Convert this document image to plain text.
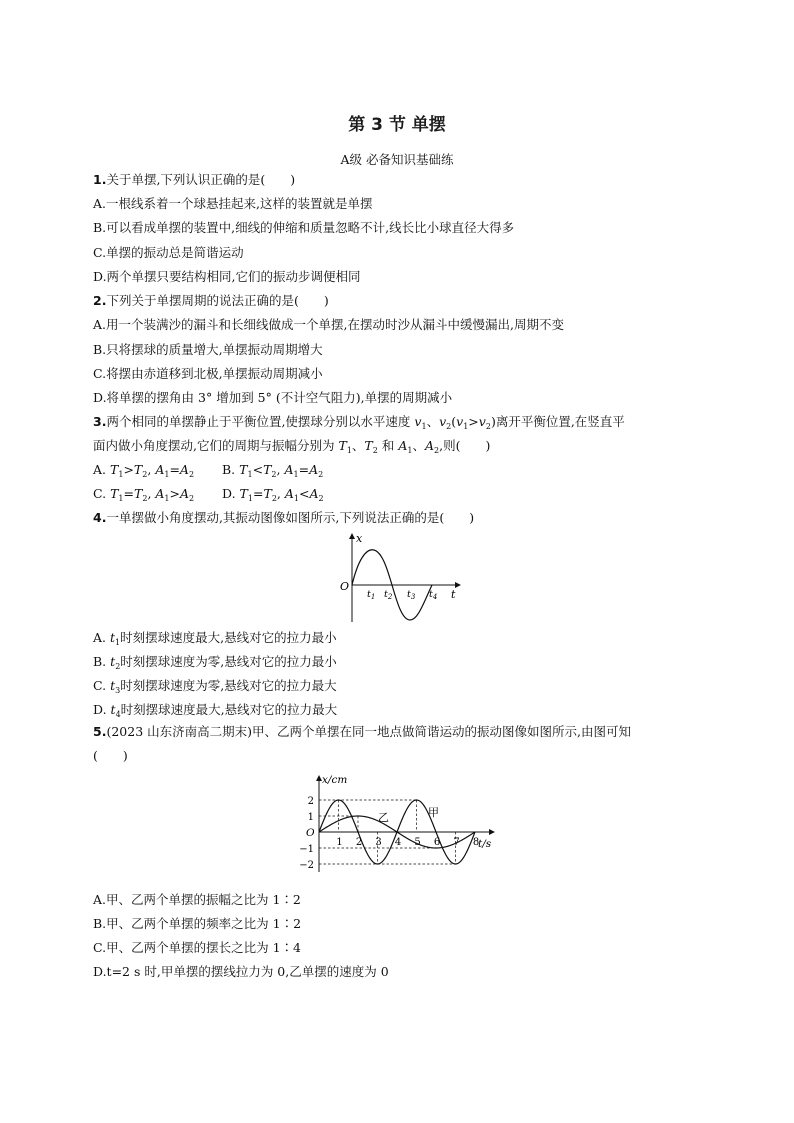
第 3 节 单摆
A级 必备知识基础练
1.关于单摆,下列认识正确的是(　　)
A.一根线系着一个球悬挂起来,这样的装置就是单摆
B.可以看成单摆的装置中,细线的伸缩和质量忽略不计,线长比小球直径大得多
C.单摆的振动总是简谐运动
D.两个单摆只要结构相同,它们的振动步调便相同
2.下列关于单摆周期的说法正确的是(　　)
A.用一个装满沙的漏斗和长细线做成一个单摆,在摆动时沙从漏斗中缓慢漏出,周期不变
B.只将摆球的质量增大,单摆振动周期增大
C.将摆由赤道移到北极,单摆振动周期减小
D.将单摆的摆角由 3° 增加到 5° (不计空气阻力),单摆的周期减小
3.两个相同的单摆静止于平衡位置,使摆球分别以水平速度 $v_1$、$v_2(v_1>v_2)$离开平衡位置,在竖直平
面内做小角度摆动,它们的周期与振幅分别为 $T_1$、$T_2$ 和 $A_1$、$A_2$,则(　　)
A. $T_1>T_2$, $A_1=A_2$ B. $T_1<T_2$, $A_1=A_2$
C. $T_1=T_2$, $A_1>A_2$ D. $T_1=T_2$, $A_1<A_2$
4.一单摆做小角度摆动,其振动图像如图所示,下列说法正确的是(　　)
x
t
O
$t_1$ $t_2$ $t_3$ $t_4$
A. $t_1$时刻摆球速度最大,悬线对它的拉力最小
B. $t_2$时刻摆球速度为零,悬线对它的拉力最小
C. $t_3$时刻摆球速度为零,悬线对它的拉力最大
D. $t_4$时刻摆球速度最大,悬线对它的拉力最大
5.(2023 山东济南高二期末)甲、乙两个单摆在同一地点做简谐运动的振动图像如图所示,由图可知
(　　)
2
1
−1
−2
1 2 3 4 5 6 7 8
x/cm
t/s
O
甲
乙
A.甲、乙两个单摆的振幅之比为 1∶2
B.甲、乙两个单摆的频率之比为 1∶2
C.甲、乙两个单摆的摆长之比为 1∶4
D.t=2 s 时,甲单摆的摆线拉力为 0,乙单摆的速度为 0
